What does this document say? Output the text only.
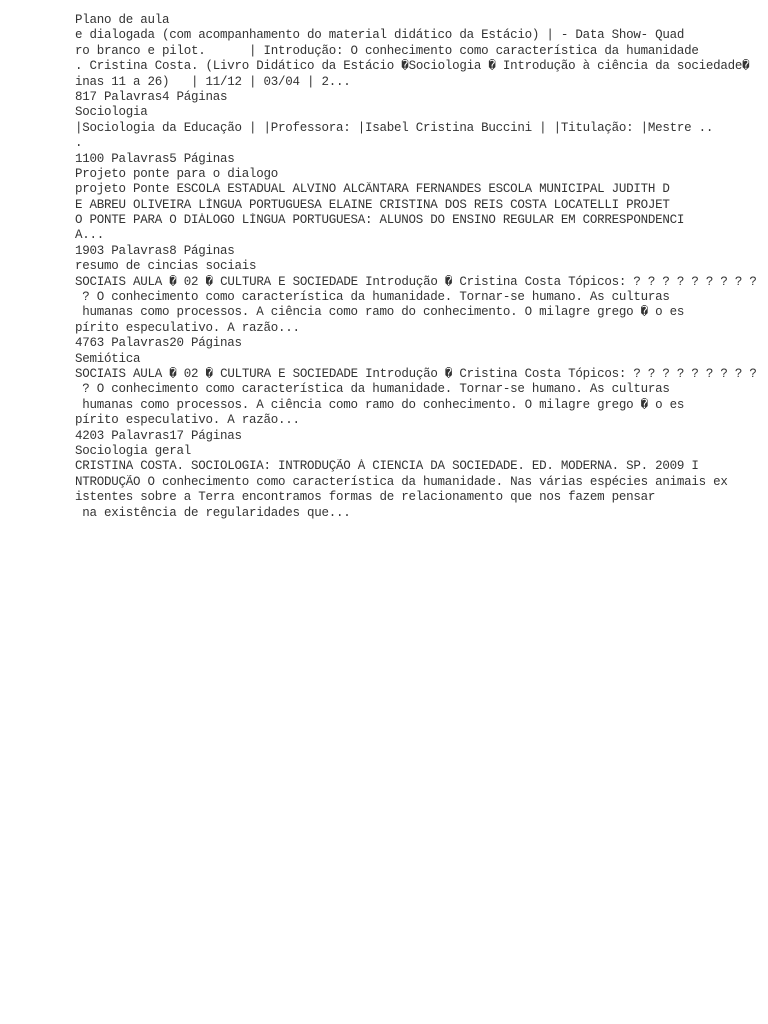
Plano de aula
e dialogada (com acompanhamento do material didático da Estácio) | - Data Show- Quad
ro branco e pilot.      | Introdução: O conhecimento como característica da humanidade
. Cristina Costa. (Livro Didático da Estácio �Sociologia � Introdução à ciência da sociedade�
inas 11 a 26)   | 11/12 | 03/04 | 2...
817 Palavras4 Páginas
Sociologia
|Sociologia da Educação | |Professora: |Isabel Cristina Buccini | |Titulação: |Mestre ..
.
1100 Palavras5 Páginas
Projeto ponte para o dialogo
projeto Ponte ESCOLA ESTADUAL ALVINO ALCÂNTARA FERNANDES ESCOLA MUNICIPAL JUDITH D
E ABREU OLIVEIRA LÍNGUA PORTUGUESA ELAINE CRISTINA DOS REIS COSTA LOCATELLI PROJET
O PONTE PARA O DIÁLOGO LÍNGUA PORTUGUESA: ALUNOS DO ENSINO REGULAR EM CORRESPONDENCI
A...
1903 Palavras8 Páginas
resumo de cincias sociais
SOCIAIS AULA � 02 � CULTURA E SOCIEDADE Introdução � Cristina Costa Tópicos: ? ? ? ? ? ? ? ? ?
? O conhecimento como característica da humanidade. Tornar-se humano. As culturas
humanas como processos. A ciência como ramo do conhecimento. O milagre grego � o es
pírito especulativo. A razão...
4763 Palavras20 Páginas
Semiótica
SOCIAIS AULA � 02 � CULTURA E SOCIEDADE Introdução � Cristina Costa Tópicos: ? ? ? ? ? ? ? ? ?
? O conhecimento como característica da humanidade. Tornar-se humano. As culturas
humanas como processos. A ciência como ramo do conhecimento. O milagre grego � o es
pírito especulativo. A razão...
4203 Palavras17 Páginas
Sociologia geral
CRISTINA COSTA. SOCIOLOGIA: INTRODUÇÃO À CIENCIA DA SOCIEDADE. ED. MODERNA. SP. 2009 I
NTRODUÇÃO O conhecimento como característica da humanidade. Nas várias espécies animais ex
istentes sobre a Terra encontramos formas de relacionamento que nos fazem pensar
na existência de regularidades que...
